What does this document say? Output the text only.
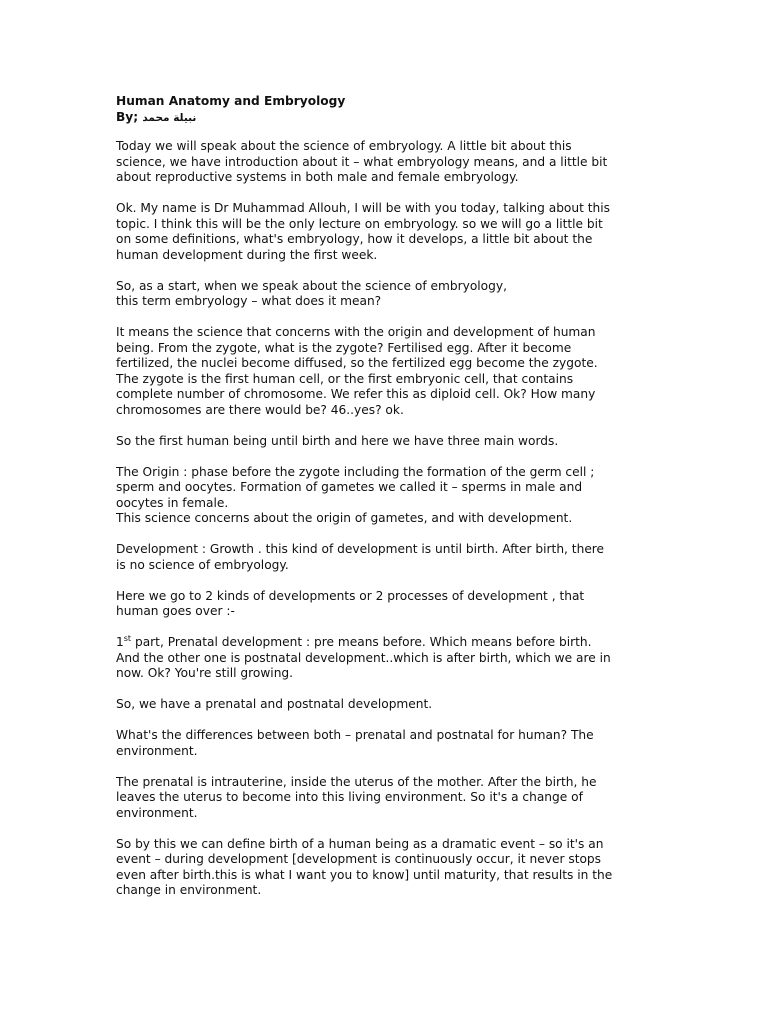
Human Anatomy and Embryology
By; نبيلة محمد
Today we will speak about the science of embryology. A little bit about this
science, we have introduction about it – what embryology means, and a little bit
about reproductive systems in both male and female embryology.
Ok. My name is Dr Muhammad Allouh, I will be with you today, talking about this
topic. I think this will be the only lecture on embryology. so we will go a little bit
on some definitions, what's embryology, how it develops, a little bit about the
human development during the first week.
So, as a start, when we speak about the science of embryology,
this term embryology – what does it mean?
It means the science that concerns with the origin and development of human
being. From the zygote, what is the zygote? Fertilised egg. After it become
fertilized, the nuclei become diffused, so the fertilized egg become the zygote.
The zygote is the first human cell, or the first embryonic cell, that contains
complete number of chromosome. We refer this as diploid cell. Ok? How many
chromosomes are there would be? 46..yes? ok.
So the first human being until birth and here we have three main words.
The Origin : phase before the zygote including the formation of the germ cell ;
sperm and oocytes. Formation of gametes we called it – sperms in male and
oocytes in female.
This science concerns about the origin of gametes, and with development.
Development : Growth . this kind of development is until birth. After birth, there
is no science of embryology.
Here we go to 2 kinds of developments or 2 processes of development , that
human goes over :-
1st part, Prenatal development : pre means before. Which means before birth.
And the other one is postnatal development..which is after birth, which we are in
now. Ok? You're still growing.
So, we have a prenatal and postnatal development.
What's the differences between both – prenatal and postnatal for human? The
environment.
The prenatal is intrauterine, inside the uterus of the mother. After the birth, he
leaves the uterus to become into this living environment. So it's a change of
environment.
So by this we can define birth of a human being as a dramatic event – so it's an
event – during development [development is continuously occur, it never stops
even after birth.this is what I want you to know] until maturity, that results in the
change in environment.
